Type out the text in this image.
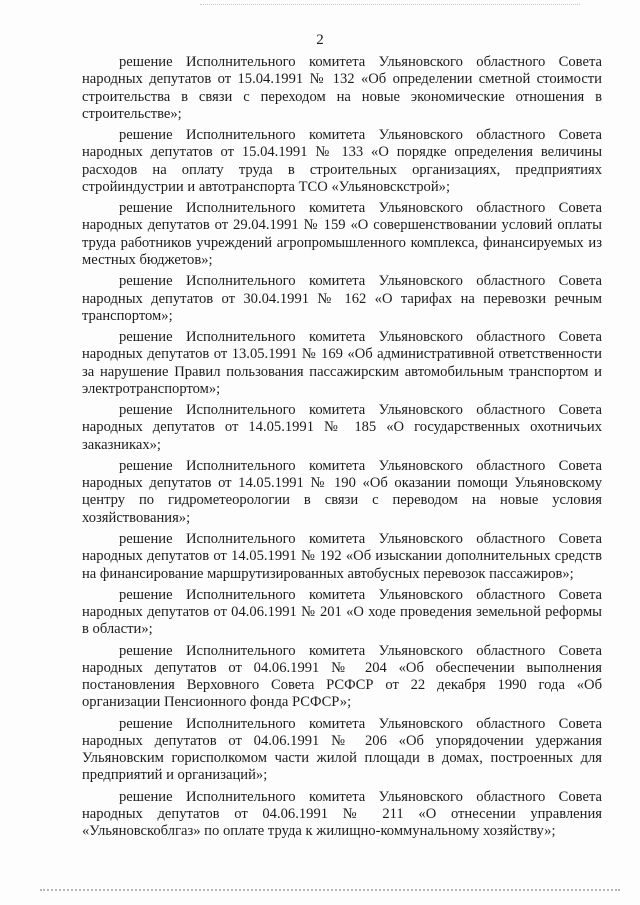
2

решение Исполнительного комитета Ульяновского областного Совета народных депутатов от 15.04.1991 № 132 «Об определении сметной стоимости строительства в связи с переходом на новые экономические отношения в строительстве»;

решение Исполнительного комитета Ульяновского областного Совета народных депутатов от 15.04.1991 № 133 «О порядке определения величины расходов на оплату труда в строительных организациях, предприятиях стройиндустрии и автотранспорта ТСО «Ульяновскстрой»;

решение Исполнительного комитета Ульяновского областного Совета народных депутатов от 29.04.1991 № 159 «О совершенствовании условий оплаты труда работников учреждений агропромышленного комплекса, финансируемых из местных бюджетов»;

решение Исполнительного комитета Ульяновского областного Совета народных депутатов от 30.04.1991 № 162 «О тарифах на перевозки речным транспортом»;

решение Исполнительного комитета Ульяновского областного Совета народных депутатов от 13.05.1991 № 169 «Об административной ответственности за нарушение Правил пользования пассажирским автомобильным транспортом и электротранспортом»;

решение Исполнительного комитета Ульяновского областного Совета народных депутатов от 14.05.1991 № 185 «О государственных охотничьих заказниках»;

решение Исполнительного комитета Ульяновского областного Совета народных депутатов от 14.05.1991 № 190 «Об оказании помощи Ульяновскому центру по гидрометеорологии в связи с переводом на новые условия хозяйствования»;

решение Исполнительного комитета Ульяновского областного Совета народных депутатов от 14.05.1991 № 192 «Об изыскании дополнительных средств на финансирование маршрутизированных автобусных перевозок пассажиров»;

решение Исполнительного комитета Ульяновского областного Совета народных депутатов от 04.06.1991 № 201 «О ходе проведения земельной реформы в области»;

решение Исполнительного комитета Ульяновского областного Совета народных депутатов от 04.06.1991 № 204 «Об обеспечении выполнения постановления Верховного Совета РСФСР от 22 декабря 1990 года «Об организации Пенсионного фонда РСФСР»;

решение Исполнительного комитета Ульяновского областного Совета народных депутатов от 04.06.1991 № 206 «Об упорядочении удержания Ульяновским горисполкомом части жилой площади в домах, построенных для предприятий и организаций»;

решение Исполнительного комитета Ульяновского областного Совета народных депутатов от 04.06.1991 № 211 «О отнесении управления «Ульяновскоблгаз» по оплате труда к жилищно-коммунальному хозяйству»;
